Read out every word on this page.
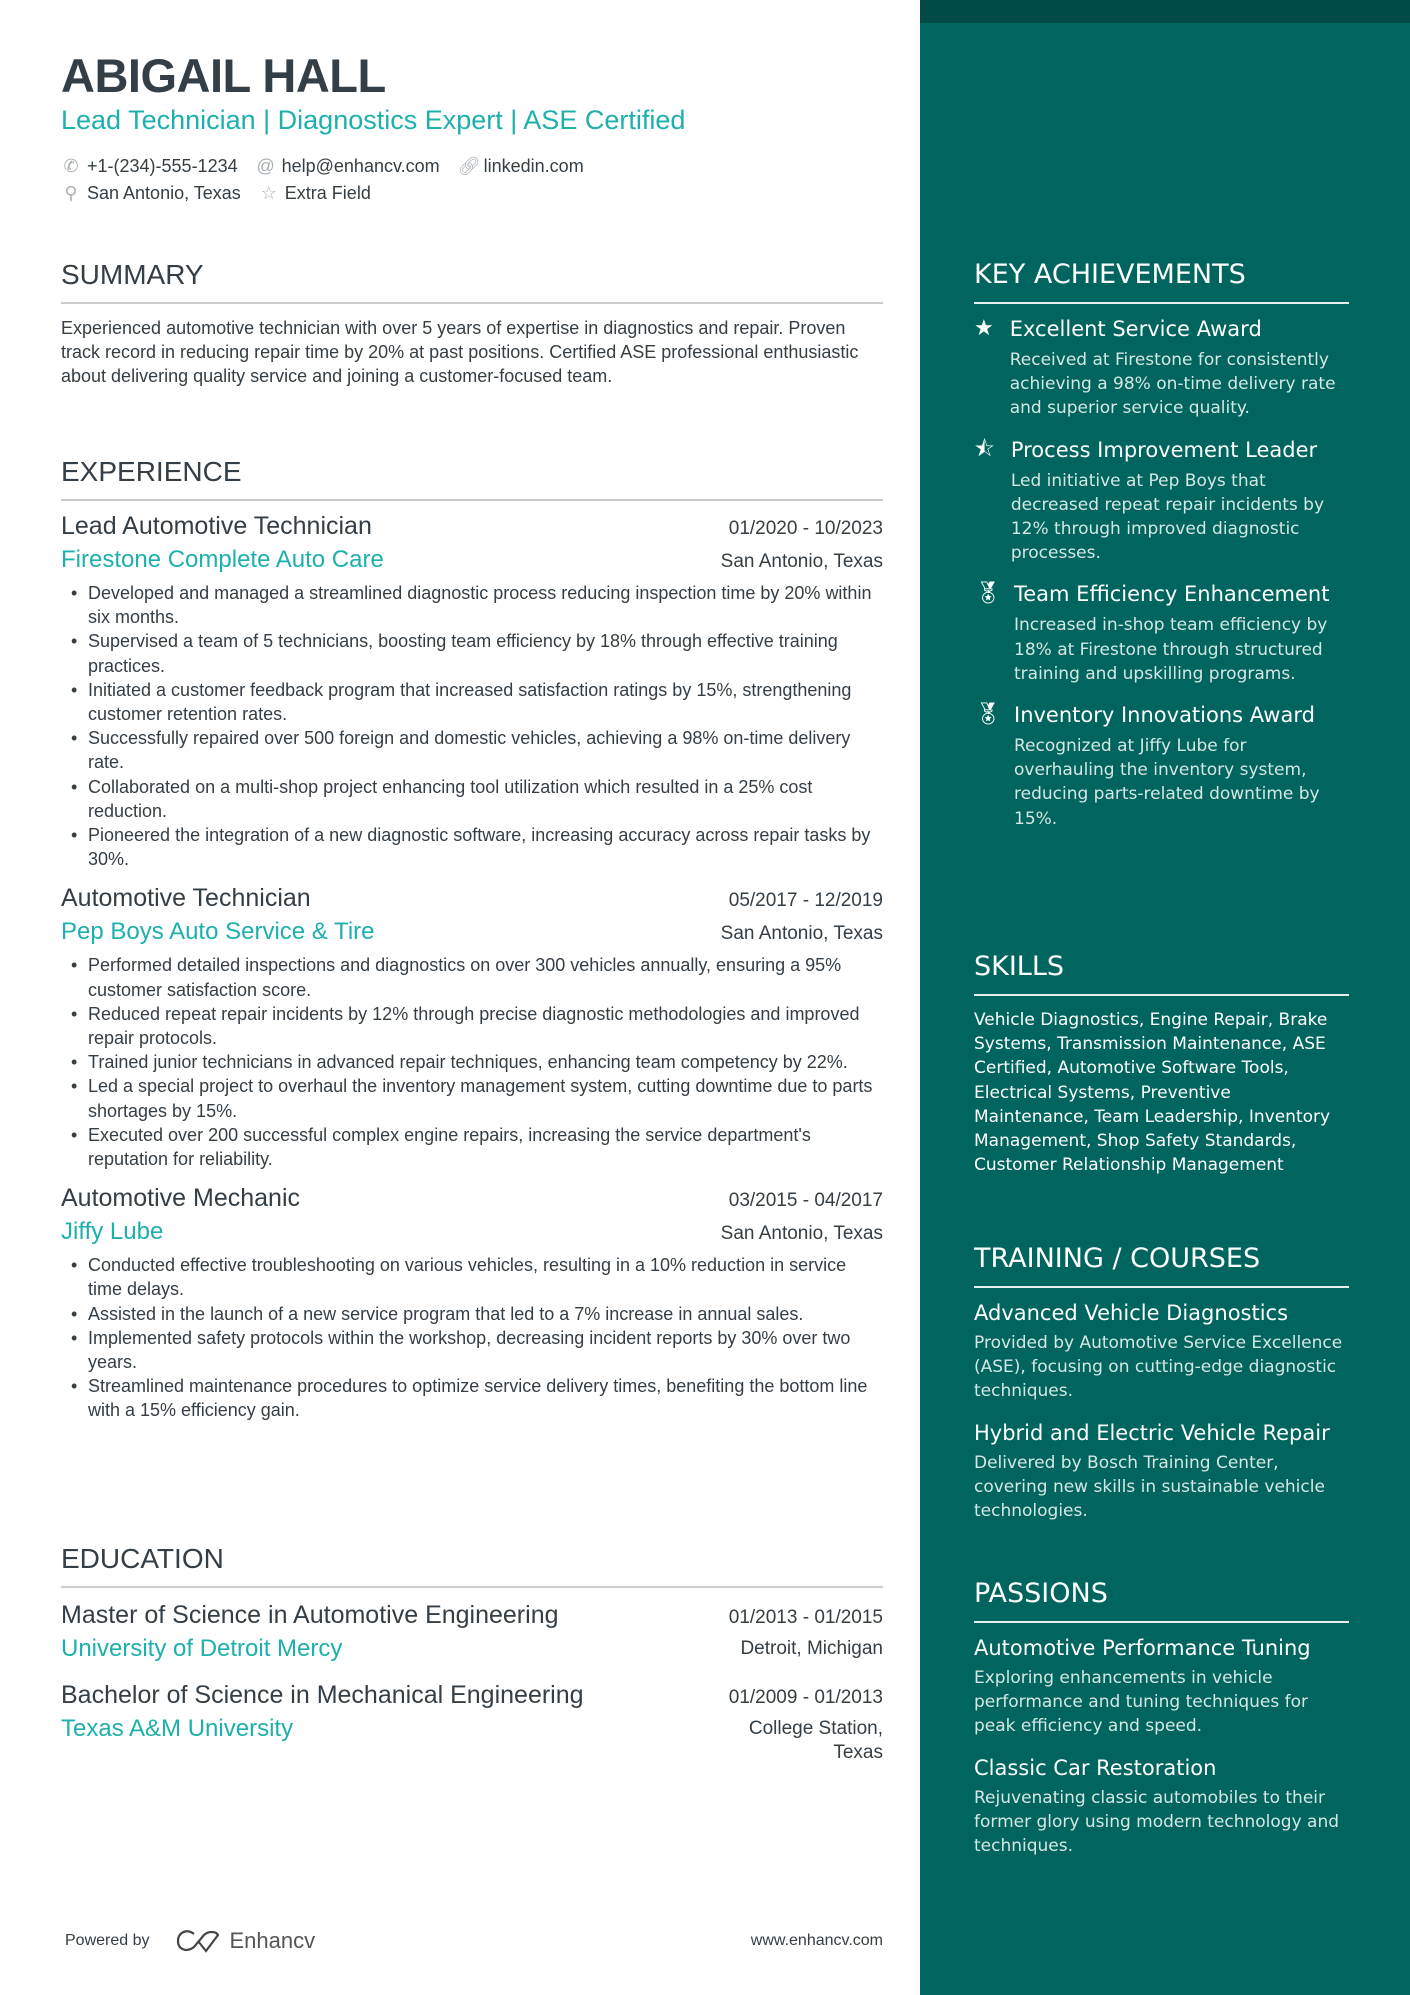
ABIGAIL HALL
Lead Technician | Diagnostics Expert | ASE Certified
✆ +1-(234)-555-1234 @ help@enhancv.com 🔗︎ linkedin.com
⚲ San Antonio, Texas ☆ Extra Field
SUMMARY
Experienced automotive technician with over 5 years of expertise in diagnostics and repair. Proven track record in reducing repair time by 20% at past positions. Certified ASE professional enthusiastic about delivering quality service and joining a customer-focused team.
EXPERIENCE
Lead Automotive Technician	01/2020 - 10/2023
Firestone Complete Auto Care	San Antonio, Texas
• Developed and managed a streamlined diagnostic process reducing inspection time by 20% within six months.
• Supervised a team of 5 technicians, boosting team efficiency by 18% through effective training practices.
• Initiated a customer feedback program that increased satisfaction ratings by 15%, strengthening customer retention rates.
• Successfully repaired over 500 foreign and domestic vehicles, achieving a 98% on-time delivery rate.
• Collaborated on a multi-shop project enhancing tool utilization which resulted in a 25% cost reduction.
• Pioneered the integration of a new diagnostic software, increasing accuracy across repair tasks by 30%.
Automotive Technician	05/2017 - 12/2019
Pep Boys Auto Service & Tire	San Antonio, Texas
• Performed detailed inspections and diagnostics on over 300 vehicles annually, ensuring a 95% customer satisfaction score.
• Reduced repeat repair incidents by 12% through precise diagnostic methodologies and improved repair protocols.
• Trained junior technicians in advanced repair techniques, enhancing team competency by 22%.
• Led a special project to overhaul the inventory management system, cutting downtime due to parts shortages by 15%.
• Executed over 200 successful complex engine repairs, increasing the service department's reputation for reliability.
Automotive Mechanic	03/2015 - 04/2017
Jiffy Lube	San Antonio, Texas
• Conducted effective troubleshooting on various vehicles, resulting in a 10% reduction in service time delays.
• Assisted in the launch of a new service program that led to a 7% increase in annual sales.
• Implemented safety protocols within the workshop, decreasing incident reports by 30% over two years.
• Streamlined maintenance procedures to optimize service delivery times, benefiting the bottom line with a 15% efficiency gain.
EDUCATION
Master of Science in Automotive Engineering	01/2013 - 01/2015
University of Detroit Mercy	Detroit, Michigan
Bachelor of Science in Mechanical Engineering	01/2009 - 01/2013
Texas A&M University	College Station, Texas
Powered by	Enhancv	www.enhancv.com
KEY ACHIEVEMENTS
★ Excellent Service Award
Received at Firestone for consistently achieving a 98% on-time delivery rate and superior service quality.
⯪ Process Improvement Leader
Led initiative at Pep Boys that decreased repeat repair incidents by 12% through improved diagnostic processes.
🏅︎ Team Efficiency Enhancement
Increased in-shop team efficiency by 18% at Firestone through structured training and upskilling programs.
🏅︎ Inventory Innovations Award
Recognized at Jiffy Lube for overhauling the inventory system, reducing parts-related downtime by 15%.
SKILLS
Vehicle Diagnostics, Engine Repair, Brake Systems, Transmission Maintenance, ASE Certified, Automotive Software Tools, Electrical Systems, Preventive Maintenance, Team Leadership, Inventory Management, Shop Safety Standards, Customer Relationship Management
TRAINING / COURSES
Advanced Vehicle Diagnostics
Provided by Automotive Service Excellence (ASE), focusing on cutting-edge diagnostic techniques.
Hybrid and Electric Vehicle Repair
Delivered by Bosch Training Center, covering new skills in sustainable vehicle technologies.
PASSIONS
Automotive Performance Tuning
Exploring enhancements in vehicle performance and tuning techniques for peak efficiency and speed.
Classic Car Restoration
Rejuvenating classic automobiles to their former glory using modern technology and techniques.
